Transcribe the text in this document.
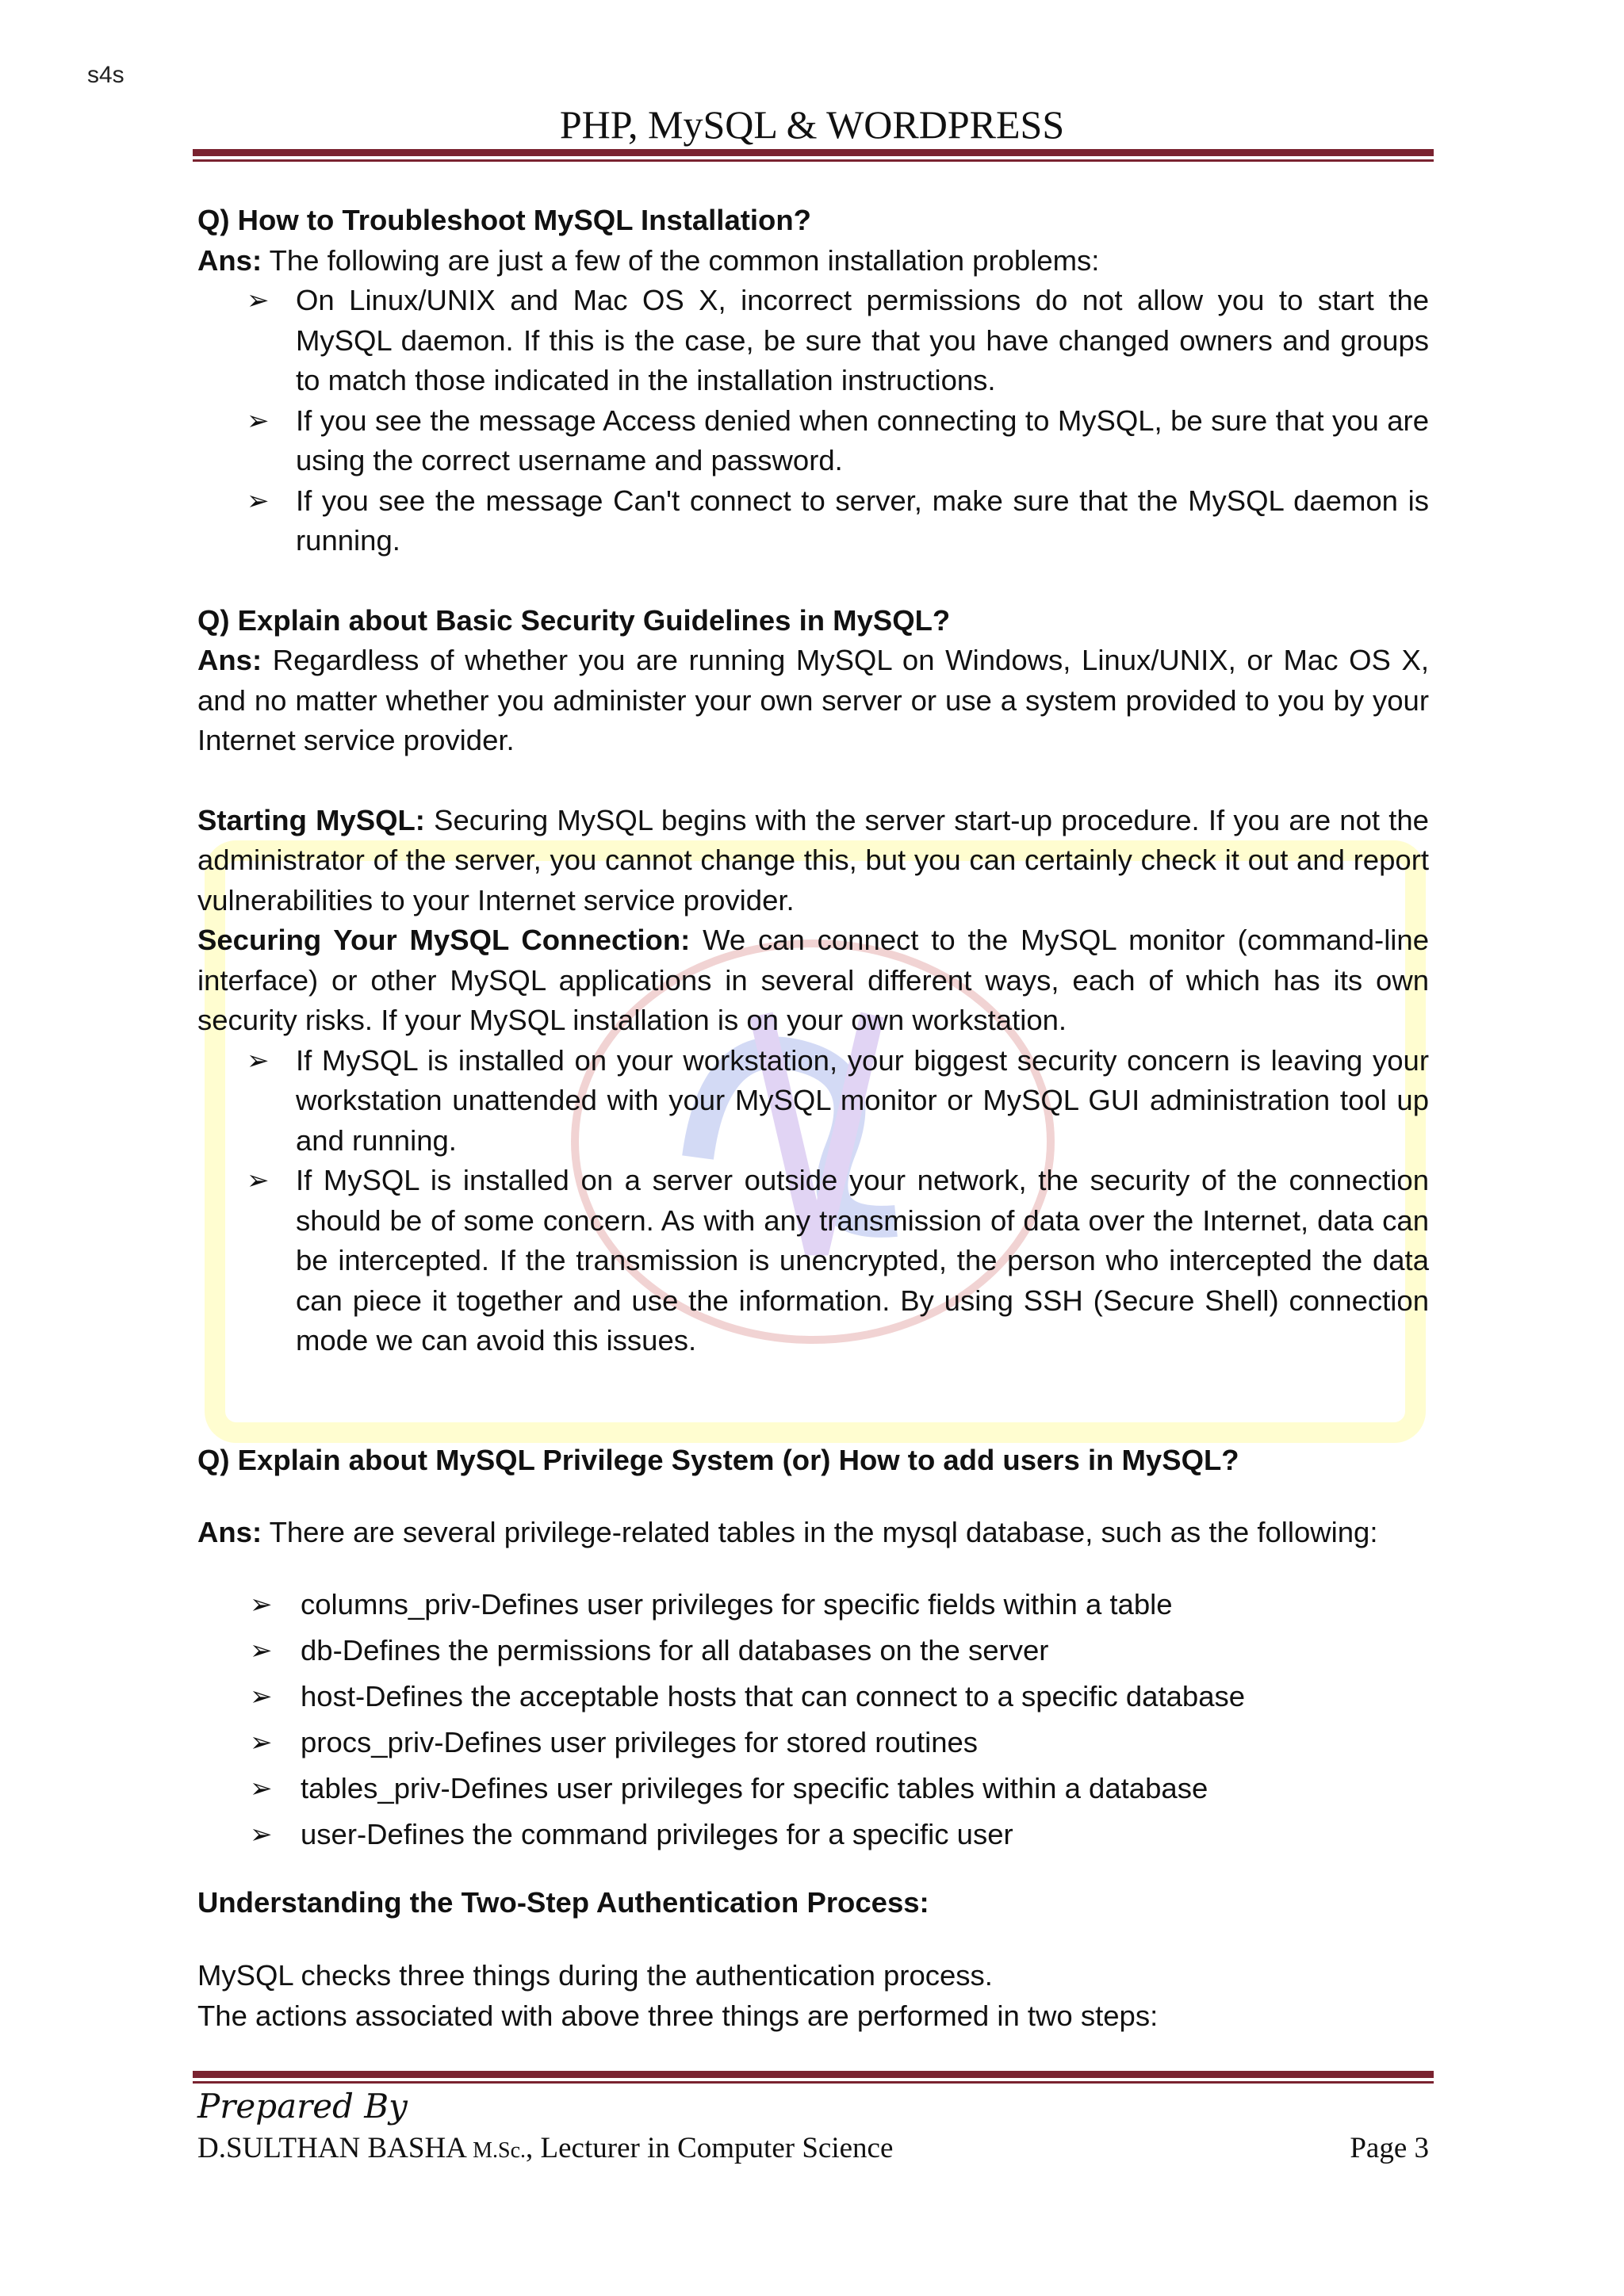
s4s
PHP, MySQL & WORDPRESS

Q) How to Troubleshoot MySQL Installation?

Ans: The following are just a few of the common installation problems:

➢ On Linux/UNIX and Mac OS X, incorrect permissions do not allow you to start the MySQL daemon. If this is the case, be sure that you have changed owners and groups to match those indicated in the installation instructions.
➢ If you see the message Access denied when connecting to MySQL, be sure that you are using the correct username and password.
➢ If you see the message Can't connect to server, make sure that the MySQL daemon is running.

Q) Explain about Basic Security Guidelines in MySQL?

Ans: Regardless of whether you are running MySQL on Windows, Linux/UNIX, or Mac OS X, and no matter whether you administer your own server or use a system provided to you by your Internet service provider.

Starting MySQL: Securing MySQL begins with the server start-up procedure. If you are not the administrator of the server, you cannot change this, but you can certainly check it out and report vulnerabilities to your Internet service provider.

Securing Your MySQL Connection: We can connect to the MySQL monitor (command-line interface) or other MySQL applications in several different ways, each of which has its own security risks. If your MySQL installation is on your own workstation.

➢ If MySQL is installed on your workstation, your biggest security concern is leaving your workstation unattended with your MySQL monitor or MySQL GUI administration tool up and running.
➢ If MySQL is installed on a server outside your network, the security of the connection should be of some concern. As with any transmission of data over the Internet, data can be intercepted. If the transmission is unencrypted, the person who intercepted the data can piece it together and use the information. By using SSH (Secure Shell) connection mode we can avoid this issues.

Q) Explain about MySQL Privilege System (or) How to add users in MySQL?

Ans: There are several privilege-related tables in the mysql database, such as the following:

➢ columns_priv-Defines user privileges for specific fields within a table
➢ db-Defines the permissions for all databases on the server
➢ host-Defines the acceptable hosts that can connect to a specific database
➢ procs_priv-Defines user privileges for stored routines
➢ tables_priv-Defines user privileges for specific tables within a database
➢ user-Defines the command privileges for a specific user

Understanding the Two-Step Authentication Process:

MySQL checks three things during the authentication process.

The actions associated with above three things are performed in two steps:

Prepared By
D.SULTHAN BASHA M.Sc., Lecturer in Computer Science	Page 3
